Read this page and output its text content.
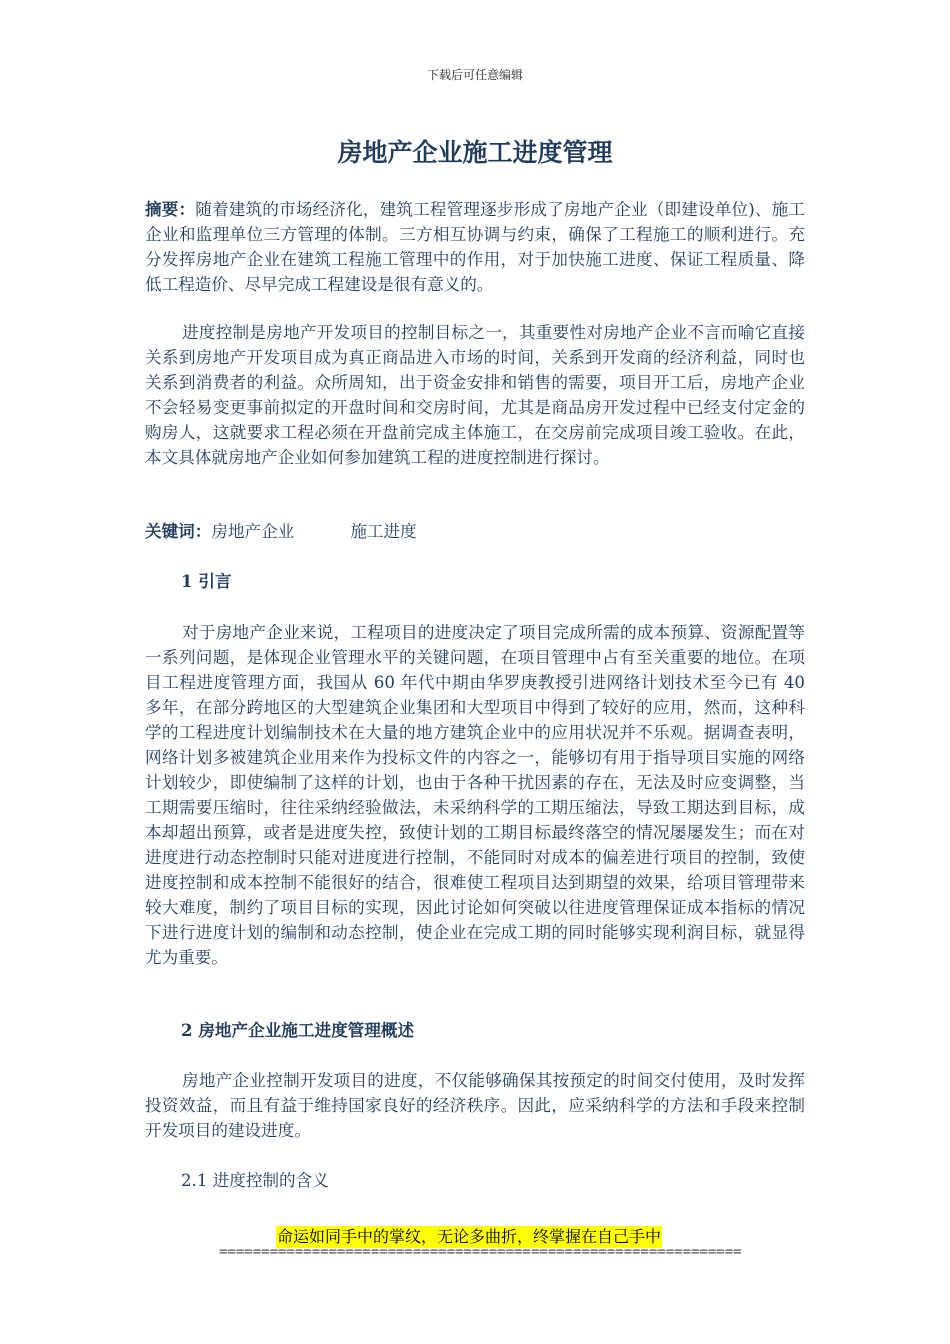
下载后可任意编辑
房地产企业施工进度管理
摘要：随着建筑的市场经济化，建筑工程管理逐步形成了房地产企业（即建设单位)、施工企业和监理单位三方管理的体制。三方相互协调与约束，确保了工程施工的顺利进行。充分发挥房地产企业在建筑工程施工管理中的作用，对于加快施工进度、保证工程质量、降低工程造价、尽早完成工程建设是很有意义的。
进度控制是房地产开发项目的控制目标之一，其重要性对房地产企业不言而喻它直接关系到房地产开发项目成为真正商品进入市场的时间，关系到开发商的经济利益，同时也关系到消费者的利益。众所周知，出于资金安排和销售的需要，项目开工后，房地产企业不会轻易变更事前拟定的开盘时间和交房时间，尤其是商品房开发过程中已经支付定金的购房人，这就要求工程必须在开盘前完成主体施工，在交房前完成项目竣工验收。在此，本文具体就房地产企业如何参加建筑工程的进度控制进行探讨。
关键词：房地产企业	施工进度
1 引言
对于房地产企业来说，工程项目的进度决定了项目完成所需的成本预算、资源配置等一系列问题，是体现企业管理水平的关键问题，在项目管理中占有至关重要的地位。在项目工程进度管理方面，我国从 60 年代中期由华罗庚教授引进网络计划技术至今已有 40 多年，在部分跨地区的大型建筑企业集团和大型项目中得到了较好的应用，然而，这种科学的工程进度计划编制技术在大量的地方建筑企业中的应用状况并不乐观。据调查表明，网络计划多被建筑企业用来作为投标文件的内容之一，能够切有用于指导项目实施的网络计划较少，即使编制了这样的计划，也由于各种干扰因素的存在，无法及时应变调整，当工期需要压缩时，往往采纳经验做法，未采纳科学的工期压缩法，导致工期达到目标，成本却超出预算，或者是进度失控，致使计划的工期目标最终落空的情况屡屡发生；而在对进度进行动态控制时只能对进度进行控制，不能同时对成本的偏差进行项目的控制，致使进度控制和成本控制不能很好的结合，很难使工程项目达到期望的效果，给项目管理带来较大难度，制约了项目目标的实现，因此讨论如何突破以往进度管理保证成本指标的情况下进行进度计划的编制和动态控制，使企业在完成工期的同时能够实现利润目标，就显得尤为重要。
2 房地产企业施工进度管理概述
房地产企业控制开发项目的进度，不仅能够确保其按预定的时间交付使用，及时发挥投资效益，而且有益于维持国家良好的经济秩序。因此，应采纳科学的方法和手段来控制开发项目的建设进度。
2.1 进度控制的含义
命运如同手中的掌纹，无论多曲折，终掌握在自己手中
==============================================================
